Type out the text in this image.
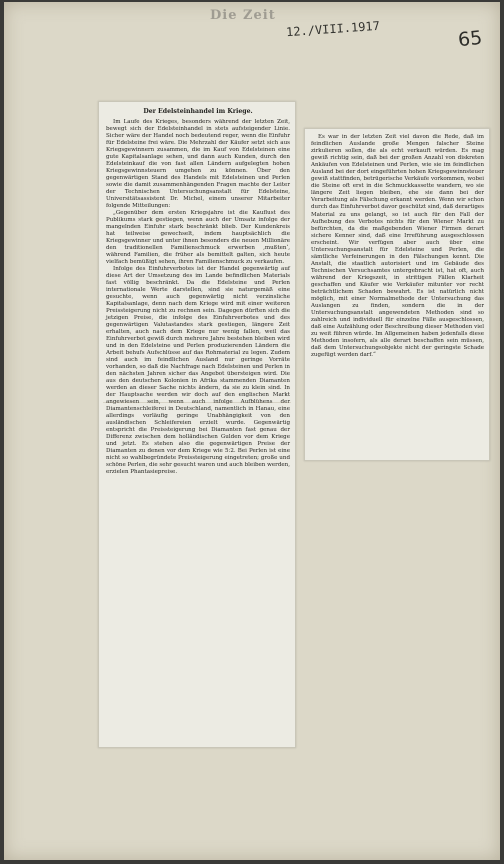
Die Zeit
12./VIII.1917	65
Der Edelsteinhandel im Kriege.

Im Laufe des Krieges, besonders während der letzten Zeit, bewegt sich der Edelsteinhandel in stets aufsteigender Linie. Sicher wäre der Handel noch bedeutend reger, wenn die Einfuhr für Edelsteine frei wäre. Die Mehrzahl der Käufer setzt sich aus Kriegsgewinnern zusammen, die im Kauf von Edelsteinen eine gute Kapitalsanlage sehen, und dann auch Kunden, durch den Edelsteinkauf die von fast allen Ländern aufgelegten hohen Kriegsgewinnsteuern umgehen zu können. Über den gegenwärtigen Stand des Handels mit Edelsteinen und Perlen sowie die damit zusammenhängenden Fragen machte der Leiter der Technischen Untersuchungsanstalt für Edelsteine, Universitätsassistent Dr. Michel, einem unserer Mitarbeiter folgende Mitteilungen:

„Gegenüber dem ersten Kriegsjahre ist die Kauflust des Publikums stark gestiegen, wenn auch der Umsatz infolge der mangelnden Einfuhr stark beschränkt blieb. Der Kundenkreis hat teilweise gewechselt, indem hauptsächlich die Kriegsgewinner und unter ihnen besonders die neuen Millionäre den traditionellen Familienschmuck erwerben ‚mußten‘, während Familien, die früher als bemittelt galten, sich heute vielfach bemüßigt sehen, ihren Familienschmuck zu verkaufen.

Infolge des Einfuhrverbotes ist der Handel gegenwärtig auf diese Art der Umsetzung des im Lande befindlichen Materials fast völlig beschränkt. Da die Edelsteine und Perlen internationale Werte darstellen, sind sie naturgemäß eine gesuchte, wenn auch gegenwärtig nicht verzinsliche Kapitalsanlage, denn nach dem Kriege wird mit einer weiteren Preissteigerung nicht zu rechnen sein. Dagegen dürften sich die jetzigen Preise, die infolge des Einfuhrverbotes und des gegenwärtigen Valutastandes stark gestiegen, längere Zeit erhalten, auch nach dem Kriege nur wenig fallen, weil das Einfuhrverbot gewiß durch mehrere Jahre bestehen bleiben wird und in den Edelsteine und Perlen produzierenden Ländern die Arbeit behufs Aufschlüsse auf das Rohmaterial zu legen. Zudem sind auch im feindlichen Ausland nur geringe Vorräte vorhanden, so daß die Nachfrage nach Edelsteinen und Perlen in den nächsten Jahren sicher das Angebot übersteigen wird. Die aus den deutschen Kolonien in Afrika stammenden Diamanten werden an dieser Sache nichts ändern, da sie zu klein sind. In der Hauptsache werden wir doch auf den englischen Markt angewiesen sein, wenn auch infolge Aufblühens der Diamantenschleiferei in Deutschland, namentlich in Hanau, eine allerdings vorläufig geringe Unabhängigkeit von den ausländischen Schleifereien erzielt wurde. Gegenwärtig entspricht die Preissteigerung bei Diamanten fast genau der Differenz zwischen dem holländischen Gulden vor dem Kriege und jetzt. Es stehen also die gegenwärtigen Preise der Diamanten zu denen vor dem Kriege wie 5:2. Bei Perlen ist eine nicht so wahlbegründete Preissteigerung eingetreten; große und schöne Perlen, die sehr gesucht waren und auch bleiben werden, erzielen Phantasiepreise.

Es war in der letzten Zeit viel davon die Rede, daß im feindlichen Auslande große Mengen falscher Steine zirkulieren sollen, die als echt verkauft würden. Es mag gewiß richtig sein, daß bei der großen Anzahl von diskreten Ankäufen von Edelsteinen und Perlen, wie sie im feindlichen Ausland bei der dort eingeführten hohen Kriegsgewinnsteuer gewiß stattfinden, betrügerische Verkäufe vorkommen, wobei die Steine oft erst in die Schmuckkassette wandern, wo sie längere Zeit liegen bleiben, ehe sie dann bei der Verarbeitung als Fälschung erkannt werden. Wenn wir schon durch das Einfuhrverbot davor geschützt sind, daß derartiges Material zu uns gelangt, so ist auch für den Fall der Aufhebung des Verbotes nichts für den Wiener Markt zu befürchten, da die maßgebenden Wiener Firmen derart sichere Kenner sind, daß eine Irreführung ausgeschlossen erscheint. Wir verfügen aber auch über eine Untersuchungsanstalt für Edelsteine und Perlen, die sämtliche Verfeinerungen in den Fälschungen kennt. Die Anstalt, die staatlich autorisiert und im Gebäude des Technischen Versuchsamtes untergebracht ist, hat oft, auch während der Kriegszeit, in strittigen Fällen Klarheit geschaffen und Käufer wie Verkäufer mitunter vor recht beträchtlichem Schaden bewahrt. Es ist natürlich nicht möglich, mit einer Normalmethode der Untersuchung das Auslangen zu finden, sondern die in der Untersuchungsanstalt angewendeten Methoden sind so zahlreich und individuell für einzelne Fälle ausgeschlossen, daß eine Aufzählung oder Beschreibung dieser Methoden viel zu weit führen würde. Im Allgemeinen haben jedenfalls diese Methoden insofern, als alle derart beschaffen sein müssen, daß dem Untersuchungsobjekte nicht der geringste Schade zugefügt werden darf.“
